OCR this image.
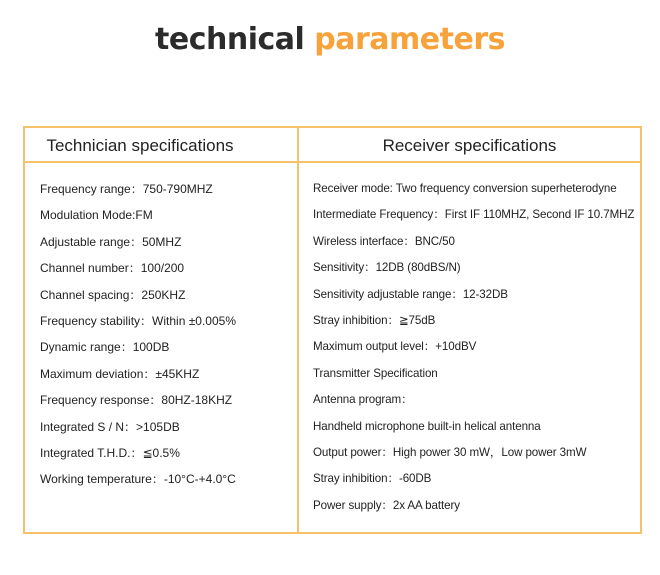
technical parameters
Technician specifications	Receiver specifications
Frequency range：750-790MHZ
Modulation Mode:FM
Adjustable range：50MHZ
Channel number：100/200
Channel spacing：250KHZ
Frequency stability：Within ±0.005%
Dynamic range：100DB
Maximum deviation：±45KHZ
Frequency response：80HZ-18KHZ
Integrated S / N：>105DB
Integrated T.H.D.：≦0.5%
Working temperature：-10°C-+4.0°C
Receiver mode: Two frequency conversion superheterodyne
Intermediate Frequency：First IF 110MHZ, Second IF 10.7MHZ
Wireless interface：BNC/50
Sensitivity：12DB (80dBS/N)
Sensitivity adjustable range：12-32DB
Stray inhibition：≧75dB
Maximum output level：+10dBV
Transmitter Specification
Antenna program：
Handheld microphone built-in helical antenna
Output power：High power 30 mW，Low power 3mW
Stray inhibition：-60DB
Power supply：2x AA battery
